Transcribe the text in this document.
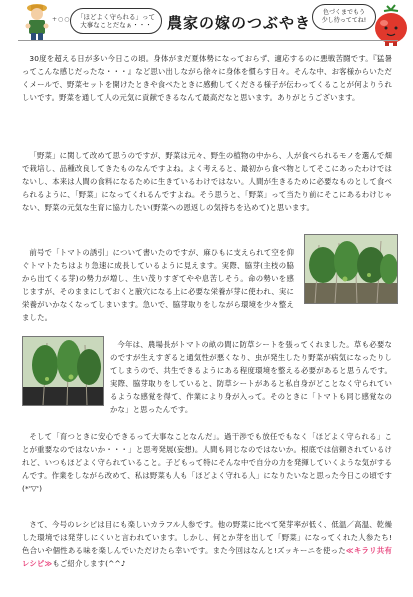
+○○	「ほどよく守られる」って
大事なことだなぁ・・・	農家の嫁のつぶやき
色づくまでもう
少し待っててね!

30度を超える日が多い今日この頃。身体がまだ夏体勢になっておらず、適応するのに悪戦苦闘です。『猛暑ってこんな感じだったな・・・』など思い出しながら徐々に身体を慣らす日々。そんな中、お客様からいただくメールで、野菜セットを開けたときや食べたときに感動してくださる様子が伝わってくることが何よりうれしいです。野菜を通して人の元気に貢献できるなんて最高だなと思います。ありがとうございます。

「野菜」に関して改めて思うのですが、野菜は元々、野生の植物の中から、人が食べられるモノを選んで畑で栽培し、品種改良してきたものなんですよね。よく考えると、最初から食べ物としてそこにあったわけではないし、本来は人間の食料になるために生きているわけではない。人間が生きるために必要なものとして食べられるように、「野菜」になってくれるんですよね。そう思うと、「野菜」って当たり前にそこにあるわけじゃない、野菜の元気な生育に協力したい(野菜への恩返しの気持ちを込めて)と思います。

前号で「トマトの誘引」について書いたのですが、麻ひもに支えられて空を仰ぐトマトたちはより急速に成長しているように見えます。実際、脇芽(主枝の脇から出てくる芽)の勢力が増し、生い茂りすぎてやや息苦しそう。命の勢いを感じますが、そのままにしておくと腋穴になる上に必要な栄養が芽に使われ、実に栄養がいかなくなってしまいます。急いで、脇芽取りをしながら環境を少々整えました。

今年は、農場長がトマトの畝の間に防草シートを張ってくれました。草も必要なのですが生えすぎると通気性が悪くなり、虫が発生したり野菜が病気になったりしてしまうので、共生できるようにある程度環境を整える必要があると思うんです。実際、脇芽取りをしていると、防草シートがあると私自身がどことなく守られているような感覚を得て、作業により身が入って。そのときに「トマトも同じ感覚なのかな」と思ったんです。

そして「育つときに安心できるって大事なことなんだ」。過干渉でも放任でもなく「ほどよく守られる」ことが重要なのではないか・・・」と思考発展(妄想)。人間も同じなのではないか。根底では信頼されているけれど、いつもほどよく守られていること。子どもって特にそんな中で自分の力を発揮していくような気がするんです。作業をしながら改めて、私は野菜も人も「ほどよく守れる人」になりたいなと思った今日この頃です(*'▽')

さて、今号のレシピは目にも楽しいカラフル人参です。他の野菜に比べて発芽率が低く、低温／高温、乾燥した環境では発芽しにくいと言われています。しかし、何とか芽を出して「野菜」になってくれた人参たち!色合いや個性ある味を楽しんでいただけたら幸いです。また今回はなんと!ズッキーニを使った≪キラリ共有レシピ≫もご紹介します(^^♪
